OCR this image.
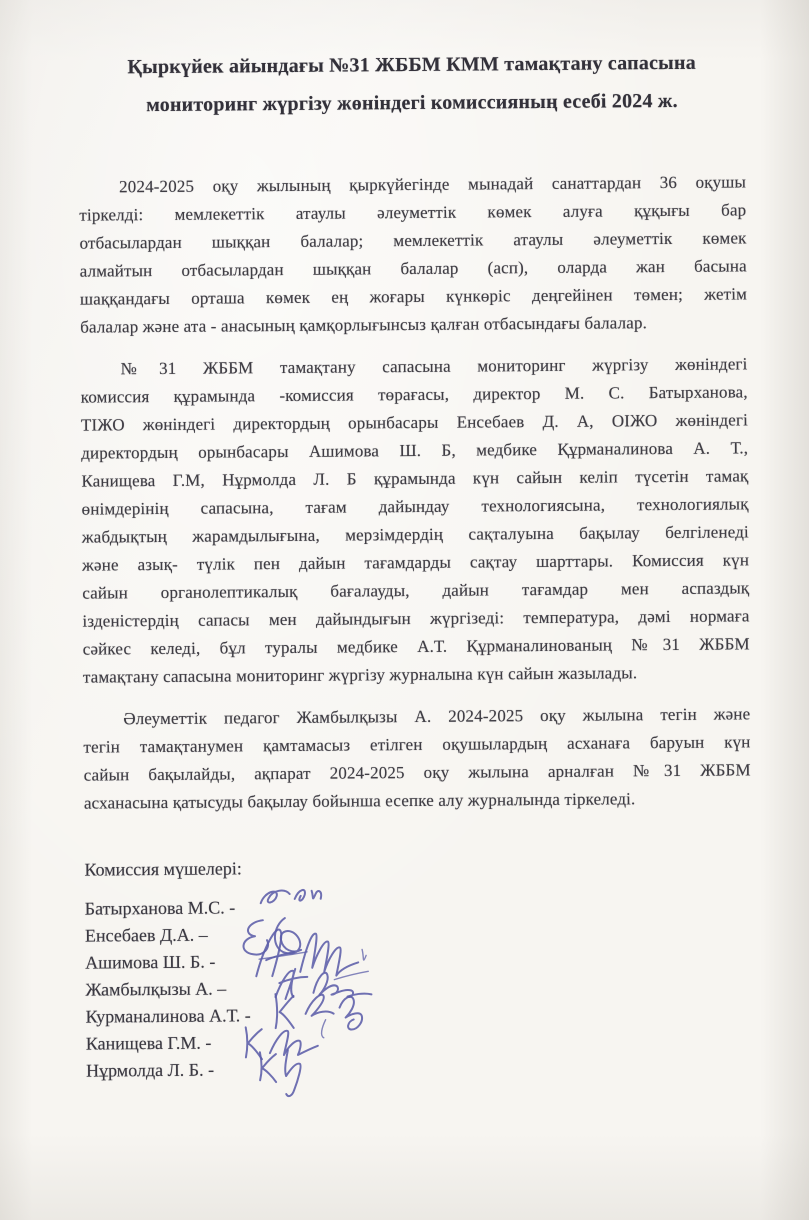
Қыркүйек айындағы №31 ЖББМ КММ тамақтану сапасына
мониторинг жүргізу жөніндегі комиссияның есебі 2024 ж.
2024-2025 оқу жылының қыркүйегінде мынадай санаттардан 36 оқушы
тіркелді: мемлекеттік атаулы әлеуметтік көмек алуға құқығы бар
отбасылардан шыққан балалар; мемлекеттік атаулы әлеуметтік көмек
алмайтын отбасылардан шыққан балалар (асп), оларда жан басына
шаққандағы орташа көмек ең жоғары күнкөріс деңгейінен төмен; жетім
балалар және ата - анасының қамқорлығынсыз қалған отбасындағы балалар.
№31 ЖББМ тамақтану сапасына мониторинг жүргізу жөніндегі
комиссия құрамында -комиссия төрағасы, директор М. С. Батырханова,
ТІЖО жөніндегі директордың орынбасары Енсебаев Д. А, ОІЖО жөніндегі
директордың орынбасары Ашимова Ш. Б, медбике Құрманалинова А. Т.,
Канищева Г.М, Нұрмолда Л. Б құрамында күн сайын келіп түсетін тамақ
өнімдерінің сапасына, тағам дайындау технологиясына, технологиялық
жабдықтың жарамдылығына, мерзімдердің сақталуына бақылау белгіленеді
және азық- түлік пен дайын тағамдарды сақтау шарттары. Комиссия күн
сайын органолептикалық бағалауды, дайын тағамдар мен аспаздық
ізденістердің сапасы мен дайындығын жүргізеді: температура, дәмі нормаға
сәйкес келеді, бұл туралы медбике А.Т. Құрманалинованың №31 ЖББМ
тамақтану сапасына мониторинг жүргізу журналына күн сайын жазылады.
Әлеуметтік педагог Жамбылқызы А. 2024-2025 оқу жылына тегін және
тегін тамақтанумен қамтамасыз етілген оқушылардың асханаға баруын күн
сайын бақылайды, ақпарат 2024-2025 оқу жылына арналған №31 ЖББМ
асханасына қатысуды бақылау бойынша есепке алу журналында тіркеледі.
Комиссия мүшелері:
Батырханова М.С. -
Енсебаев Д.А. –
Ашимова Ш. Б. -
Жамбылқызы А. –
Курманалинова А.Т. -
Канищева Г.М. -
Нұрмолда Л. Б. -
